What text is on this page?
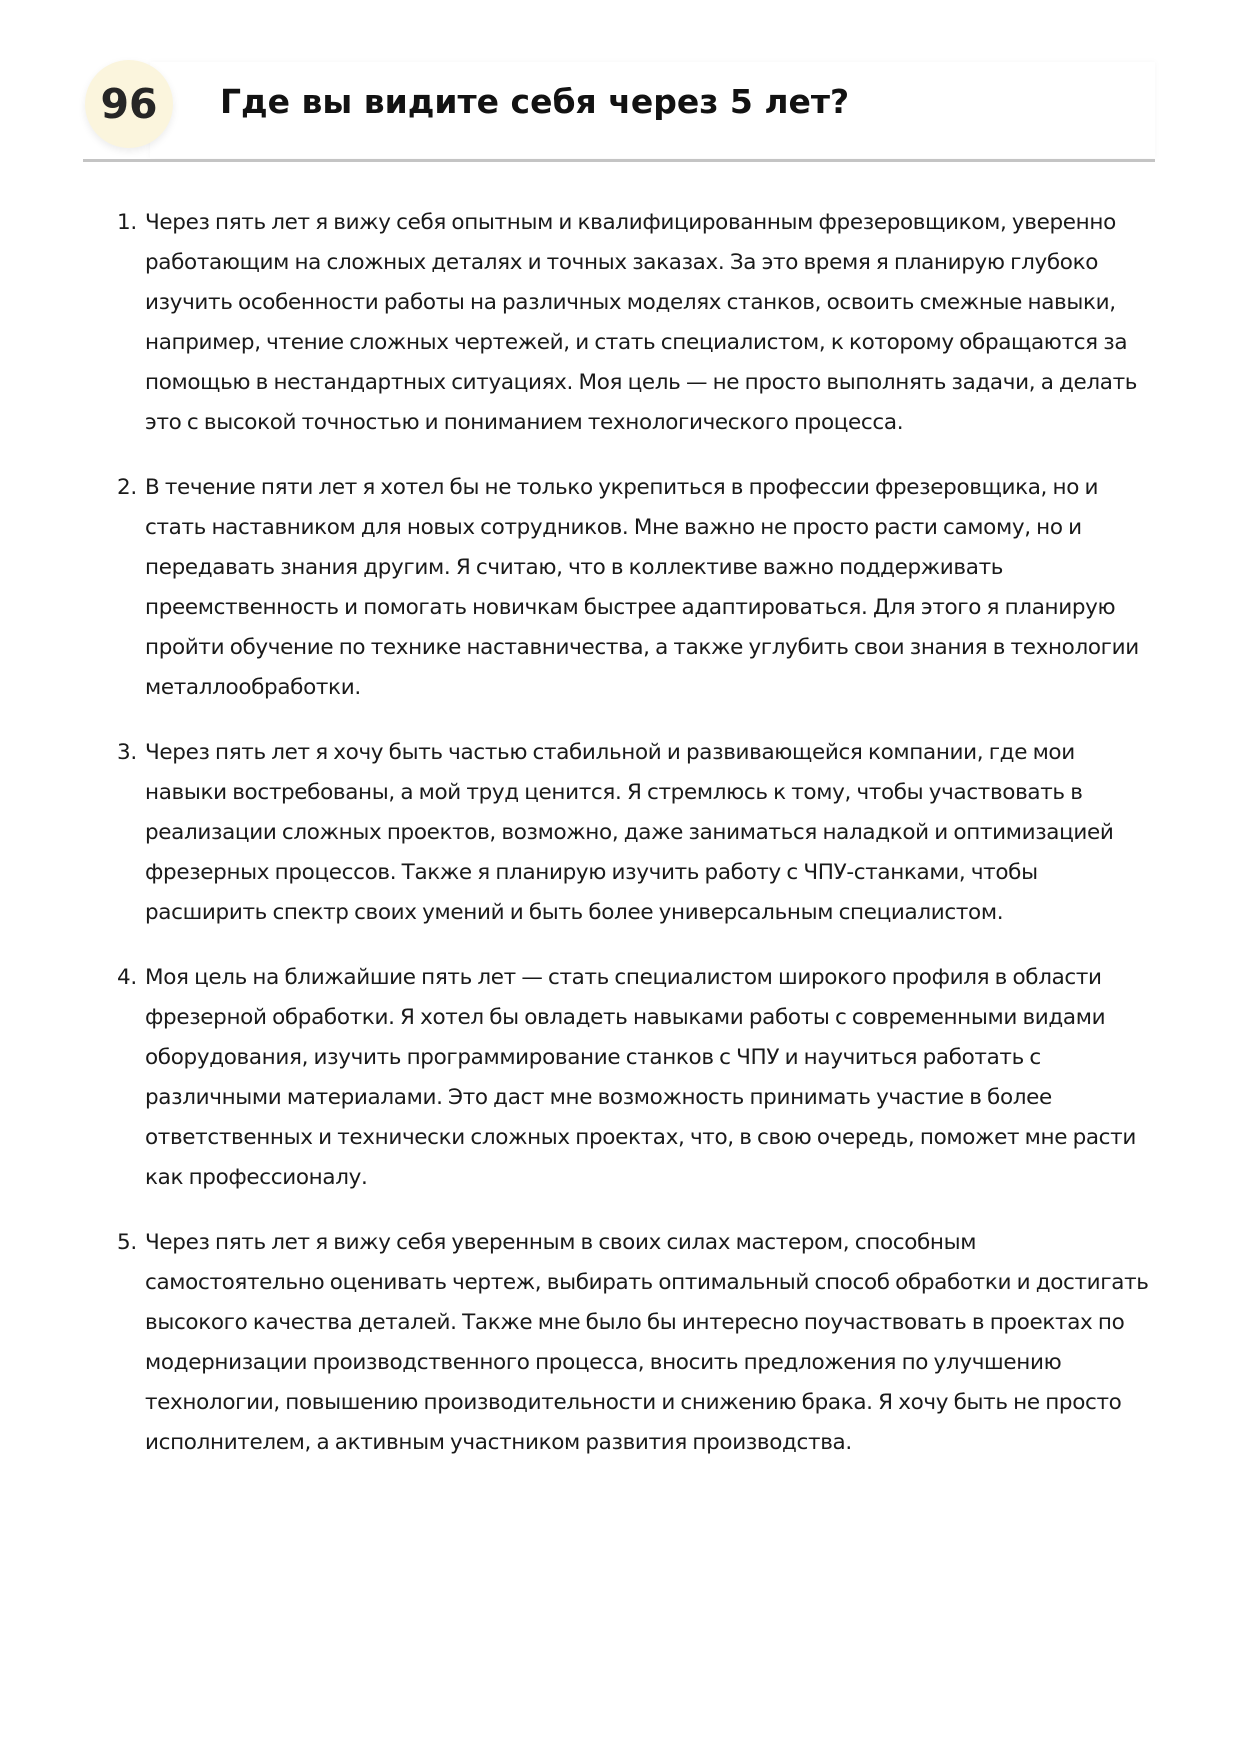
96	Где вы видите себя через 5 лет?
1. Через пять лет я вижу себя опытным и квалифицированным фрезеровщиком, уверенно работающим на сложных деталях и точных заказах. За это время я планирую глубоко изучить особенности работы на различных моделях станков, освоить смежные навыки, например, чтение сложных чертежей, и стать специалистом, к которому обращаются за помощью в нестандартных ситуациях. Моя цель — не просто выполнять задачи, а делать это с высокой точностью и пониманием технологического процесса.
2. В течение пяти лет я хотел бы не только укрепиться в профессии фрезеровщика, но и стать наставником для новых сотрудников. Мне важно не просто расти самому, но и передавать знания другим. Я считаю, что в коллективе важно поддерживать преемственность и помогать новичкам быстрее адаптироваться. Для этого я планирую пройти обучение по технике наставничества, а также углубить свои знания в технологии металлообработки.
3. Через пять лет я хочу быть частью стабильной и развивающейся компании, где мои навыки востребованы, а мой труд ценится. Я стремлюсь к тому, чтобы участвовать в реализации сложных проектов, возможно, даже заниматься наладкой и оптимизацией фрезерных процессов. Также я планирую изучить работу с ЧПУ-станками, чтобы расширить спектр своих умений и быть более универсальным специалистом.
4. Моя цель на ближайшие пять лет — стать специалистом широкого профиля в области фрезерной обработки. Я хотел бы овладеть навыками работы с современными видами оборудования, изучить программирование станков с ЧПУ и научиться работать с различными материалами. Это даст мне возможность принимать участие в более ответственных и технически сложных проектах, что, в свою очередь, поможет мне расти как профессионалу.
5. Через пять лет я вижу себя уверенным в своих силах мастером, способным самостоятельно оценивать чертеж, выбирать оптимальный способ обработки и достигать высокого качества деталей. Также мне было бы интересно поучаствовать в проектах по модернизации производственного процесса, вносить предложения по улучшению технологии, повышению производительности и снижению брака. Я хочу быть не просто исполнителем, а активным участником развития производства.
